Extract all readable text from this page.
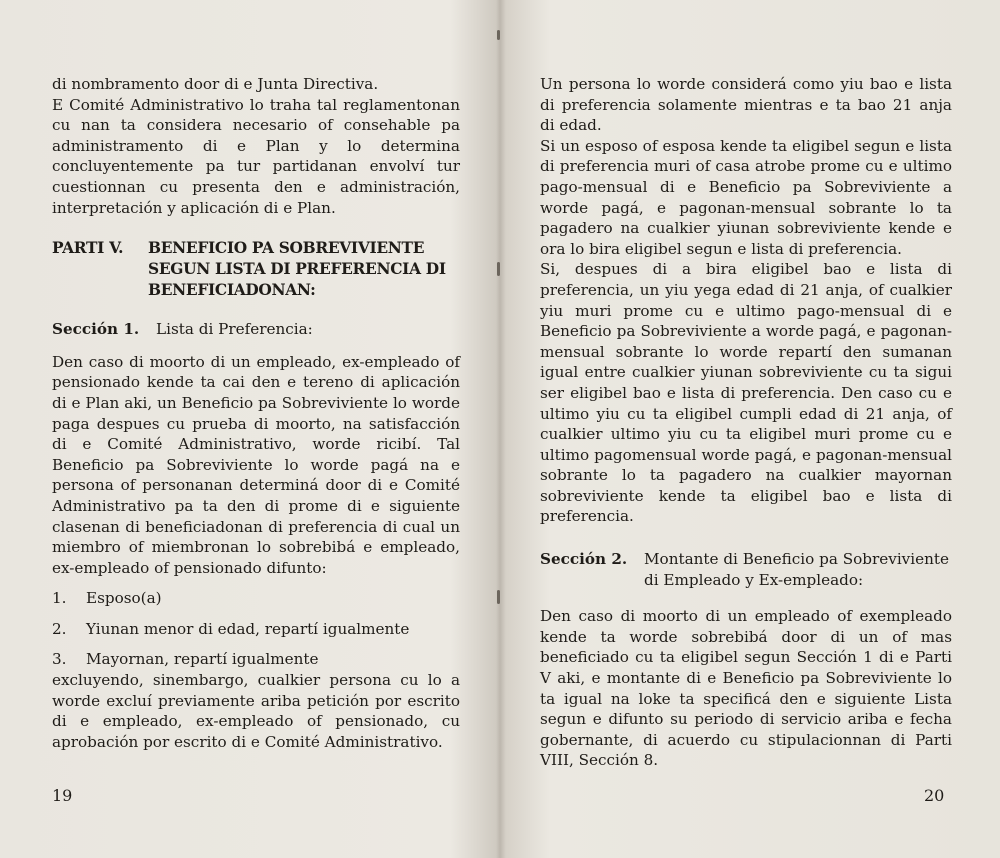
di nombramento door di e Junta Directiva.

E Comité Administrativo lo traha tal reglamentonan cu nan ta considera necesario of consehable pa administramento di e Plan y lo determina concluyentemente pa tur partidanan envolví tur cuestionnan cu presenta den e administración, interpretación y aplicación di e Plan.

PARTI V.	BENEFICIO PA SOBREVIVIENTE SEGUN LISTA DI PREFERENCIA DI BENEFICIADONAN:
Sección 1.	Lista di Preferencia:

Den caso di moorto di un empleado, ex-empleado of pensionado kende ta cai den e tereno di aplicación di e Plan aki, un Beneficio pa Sobreviviente lo worde paga despues cu prueba di moorto, na satisfacción di e Comité Administrativo, worde ricibí. Tal Beneficio pa Sobreviviente lo worde pagá na e persona of personanan determiná door di e Comité Administrativo pa ta den di prome di e siguiente clasenan di beneficiadonan di preferencia di cual un miembro of miembronan lo sobrebibá e empleado, ex-empleado of pensionado difunto:

1.	Esposo(a)
2.	Yiunan menor di edad, repartí igualmente
3.	Mayornan, repartí igualmente

excluyendo, sinembargo, cualkier persona cu lo a worde excluí previamente ariba petición por escrito di e empleado, ex-empleado of pensionado, cu aprobación por escrito di e Comité Administrativo.

Un persona lo worde considerá como yiu bao e lista di preferencia solamente mientras e ta bao 21 anja di edad.

Si un esposo of esposa kende ta eligibel segun e lista di preferencia muri of casa atrobe prome cu e ultimo pago-mensual di e Beneficio pa Sobreviviente a worde pagá, e pagonan-mensual sobrante lo ta pagadero na cualkier yiunan sobreviviente kende e ora lo bira eligibel segun e lista di preferencia.

Si, despues di a bira eligibel bao e lista di preferencia, un yiu yega edad di 21 anja, of cualkier yiu muri prome cu e ultimo pago-mensual di e Beneficio pa Sobreviviente a worde pagá, e pagonan-mensual sobrante lo worde repartí den sumanan igual entre cualkier yiunan sobreviviente cu ta sigui ser eligibel bao e lista di preferencia. Den caso cu e ultimo yiu cu ta eligibel cumpli edad di 21 anja, of cualkier ultimo yiu cu ta eligibel muri prome cu e ultimo pagomensual worde pagá, e pagonan-mensual sobrante lo ta pagadero na cualkier mayornan sobreviviente kende ta eligibel bao e lista di preferencia.

Sección 2.	Montante di Beneficio pa Sobreviviente di Empleado y Ex-empleado:

Den caso di moorto di un empleado of exempleado kende ta worde sobrebibá door di un of mas beneficiado cu ta eligibel segun Sección 1 di e Parti V aki, e montante di e Beneficio pa Sobreviviente lo ta igual na loke ta specificá den e siguiente Lista segun e difunto su periodo di servicio ariba e fecha gobernante, di acuerdo cu stipulacionnan di Parti VIII, Sección 8.

19	20
